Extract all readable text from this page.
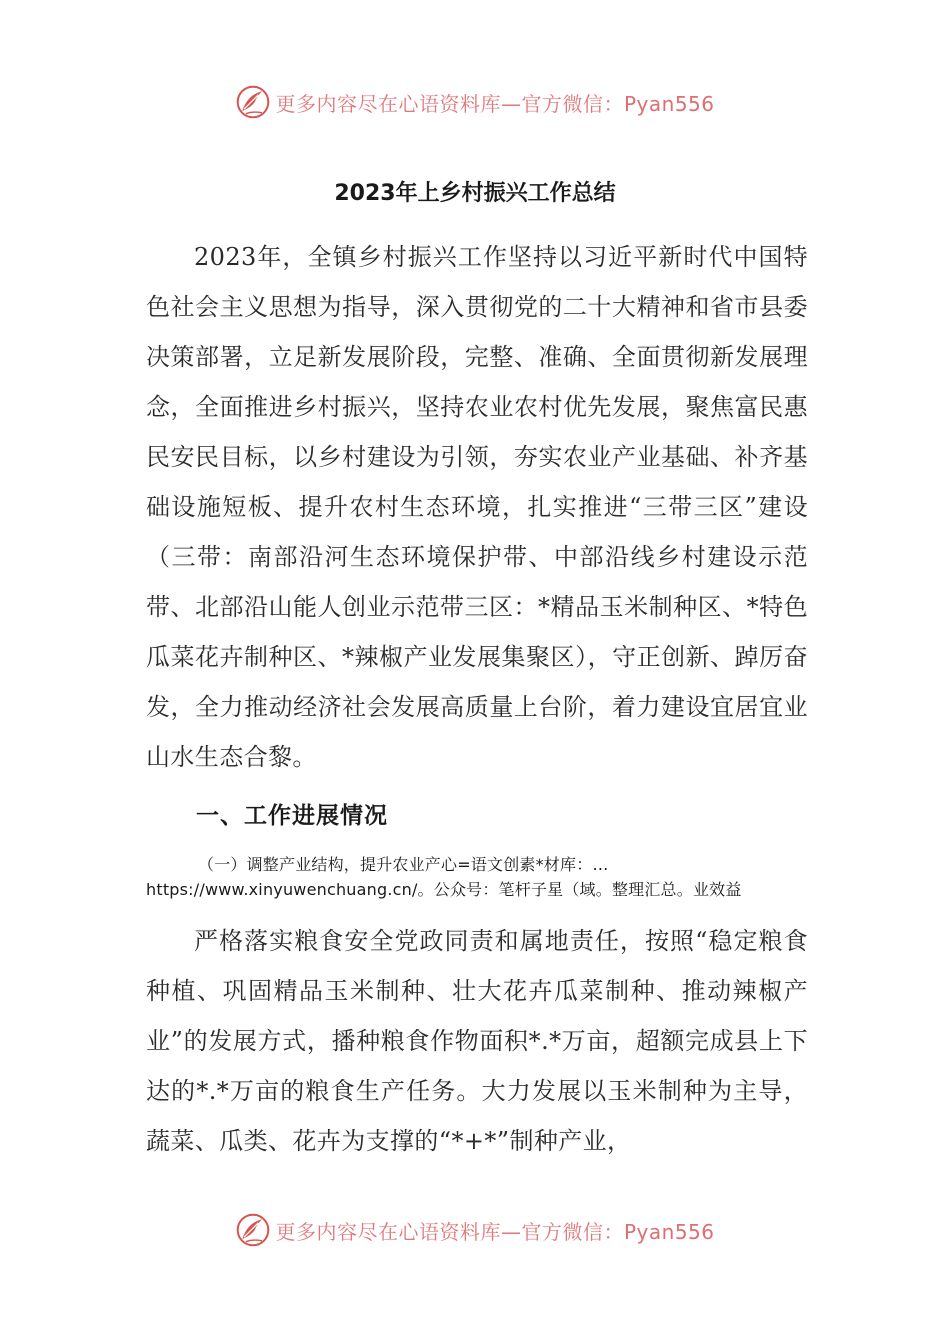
更多内容尽在心语资料库—官方微信：Pyan556
2023年上乡村振兴工作总结
2023年，全镇乡村振兴工作坚持以习近平新时代中国特色社会主义思想为指导，深入贯彻党的二十大精神和省市县委决策部署，立足新发展阶段，完整、准确、全面贯彻新发展理念，全面推进乡村振兴，坚持农业农村优先发展，聚焦富民惠民安民目标，以乡村建设为引领，夯实农业产业基础、补齐基础设施短板、提升农村生态环境，扎实推进“三带三区”建设（三带：南部沿河生态环境保护带、中部沿线乡村建设示范带、北部沿山能人创业示范带三区：*精品玉米制种区、*特色瓜菜花卉制种区、*辣椒产业发展集聚区），守正创新、踔厉奋发，全力推动经济社会发展高质量上台阶，着力建设宜居宜业山水生态合黎。
一、工作进展情况
（一）调整产业结构，提升农业产心=语文创素*材库：…https://www.xinyuwenchuang.cn/。公众号：笔杆子星（域。整理汇总。业效益
严格落实粮食安全党政同责和属地责任，按照“稳定粮食种植、巩固精品玉米制种、壮大花卉瓜菜制种、推动辣椒产业”的发展方式，播种粮食作物面积*.*万亩，超额完成县上下达的*.*万亩的粮食生产任务。大力发展以玉米制种为主导，蔬菜、瓜类、花卉为支撑的“*+*”制种产业，
更多内容尽在心语资料库—官方微信：Pyan556
